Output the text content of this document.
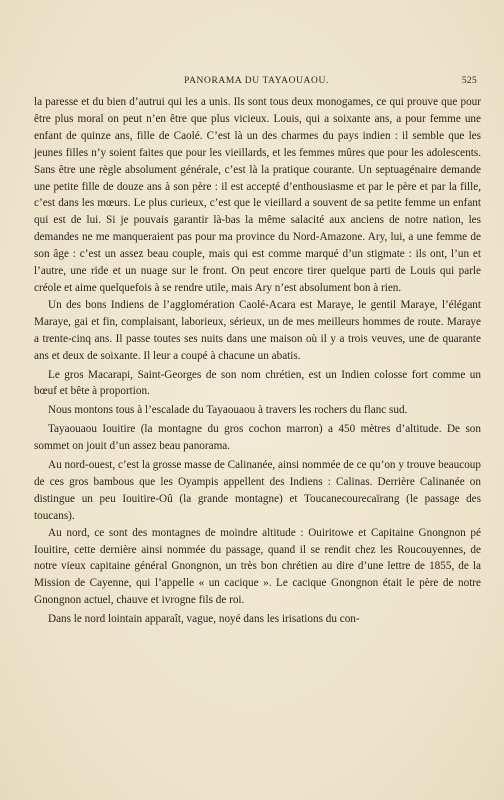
PANORAMA DU TAYAOUAOU.	525

la paresse et du bien d’autrui qui les a unis. Ils sont tous deux monogames, ce qui prouve que pour être plus moral on peut n’en être que plus vicieux. Louis, qui a soixante ans, a pour femme une enfant de quinze ans, fille de Caolé. C’est là un des charmes du pays indien : il semble que les jeunes filles n’y soient faites que pour les vieillards, et les femmes mûres que pour les adolescents. Sans être une règle absolument générale, c’est là la pratique courante. Un septuagénaire demande une petite fille de douze ans à son père : il est accepté d’enthousiasme et par le père et par la fille, c’est dans les mœurs. Le plus curieux, c’est que le vieillard a souvent de sa petite femme un enfant qui est de lui. Si je pouvais garantir là-bas la même salacité aux anciens de notre nation, les demandes ne me manqueraient pas pour ma province du Nord-Amazone. Ary, lui, a une femme de son âge : c’est un assez beau couple, mais qui est comme marqué d’un stigmate : ils ont, l’un et l’autre, une ride et un nuage sur le front. On peut encore tirer quelque parti de Louis qui parle créole et aime quelquefois à se rendre utile, mais Ary n’est absolument bon à rien.

Un des bons Indiens de l’agglomération Caolé-Acara est Maraye, le gentil Maraye, l’élégant Maraye, gai et fin, complaisant, laborieux, sérieux, un de mes meilleurs hommes de route. Maraye a trente-cinq ans. Il passe toutes ses nuits dans une maison où il y a trois veuves, une de quarante ans et deux de soixante. Il leur a coupé à chacune un abatis.

Le gros Macarapi, Saint-Georges de son nom chrétien, est un Indien colosse fort comme un bœuf et bête à proportion.

Nous montons tous à l’escalade du Tayaouaou à travers les rochers du flanc sud.

Tayaouaou Iouitire (la montagne du gros cochon marron) a 450 mètres d’altitude. De son sommet on jouit d’un assez beau panorama.

Au nord-ouest, c’est la grosse masse de Calinanée, ainsi nommée de ce qu’on y trouve beaucoup de ces gros bambous que les Oyampis appellent des Indiens : Calinas. Derrière Calinanée on distingue un peu Iouitire-Oû (la grande montagne) et Toucanecourecaïrang (le passage des toucans).

Au nord, ce sont des montagnes de moindre altitude : Ouiritowe et Capitaine Gnongnon pé Iouitire, cette dernière ainsi nommée du passage, quand il se rendit chez les Roucouyennes, de notre vieux capitaine général Gnongnon, un très bon chrétien au dire d’une lettre de 1855, de la Mission de Cayenne, qui l’appelle « un cacique ». Le cacique Gnongnon était le père de notre Gnongnon actuel, chauve et ivrogne fils de roi.

Dans le nord lointain apparaît, vague, noyé dans les irisations du con-
